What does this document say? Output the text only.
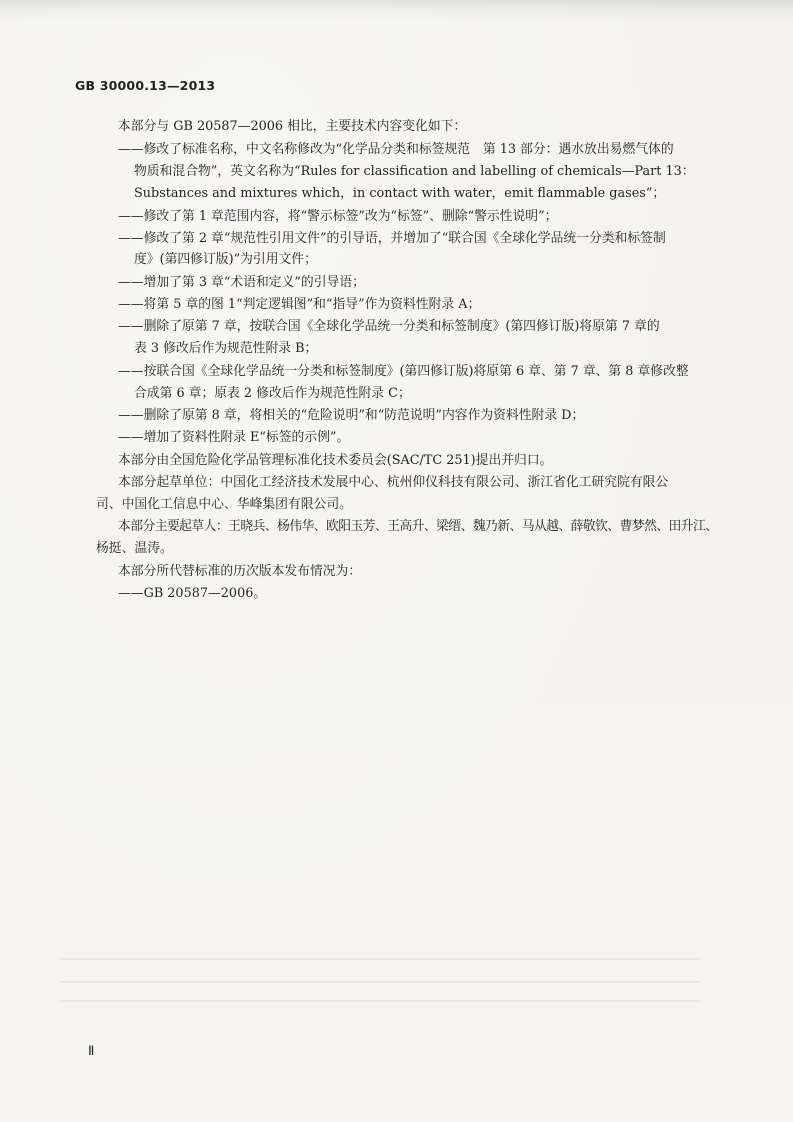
GB 30000.13—2013
本部分与 GB 20587—2006 相比，主要技术内容变化如下：
——修改了标准名称，中文名称修改为“化学品分类和标签规范　第 13 部分：遇水放出易燃气体的
物质和混合物”，英文名称为“Rules for classification and labelling of chemicals—Part 13：
Substances and mixtures which，in contact with water，emit flammable gases”；
——修改了第 1 章范围内容，将“警示标签”改为“标签”、删除“警示性说明”；
——修改了第 2 章“规范性引用文件”的引导语，并增加了“联合国《全球化学品统一分类和标签制
度》(第四修订版)”为引用文件；
——增加了第 3 章“术语和定义”的引导语；
——将第 5 章的图 1“判定逻辑图”和“指导”作为资料性附录 A；
——删除了原第 7 章，按联合国《全球化学品统一分类和标签制度》(第四修订版)将原第 7 章的
表 3 修改后作为规范性附录 B；
——按联合国《全球化学品统一分类和标签制度》(第四修订版)将原第 6 章、第 7 章、第 8 章修改整
合成第 6 章；原表 2 修改后作为规范性附录 C；
——删除了原第 8 章，将相关的“危险说明”和“防范说明”内容作为资料性附录 D；
——增加了资料性附录 E“标签的示例”。
本部分由全国危险化学品管理标准化技术委员会(SAC/TC 251)提出并归口。
本部分起草单位：中国化工经济技术发展中心、杭州仰仪科技有限公司、浙江省化工研究院有限公
司、中国化工信息中心、华峰集团有限公司。
本部分主要起草人：王晓兵、杨伟华、欧阳玉芳、王高升、梁缙、魏乃新、马从越、薛敬钦、曹梦然、田升江、
杨挺、温涛。
本部分所代替标准的历次版本发布情况为：
——GB 20587—2006。
Ⅱ
